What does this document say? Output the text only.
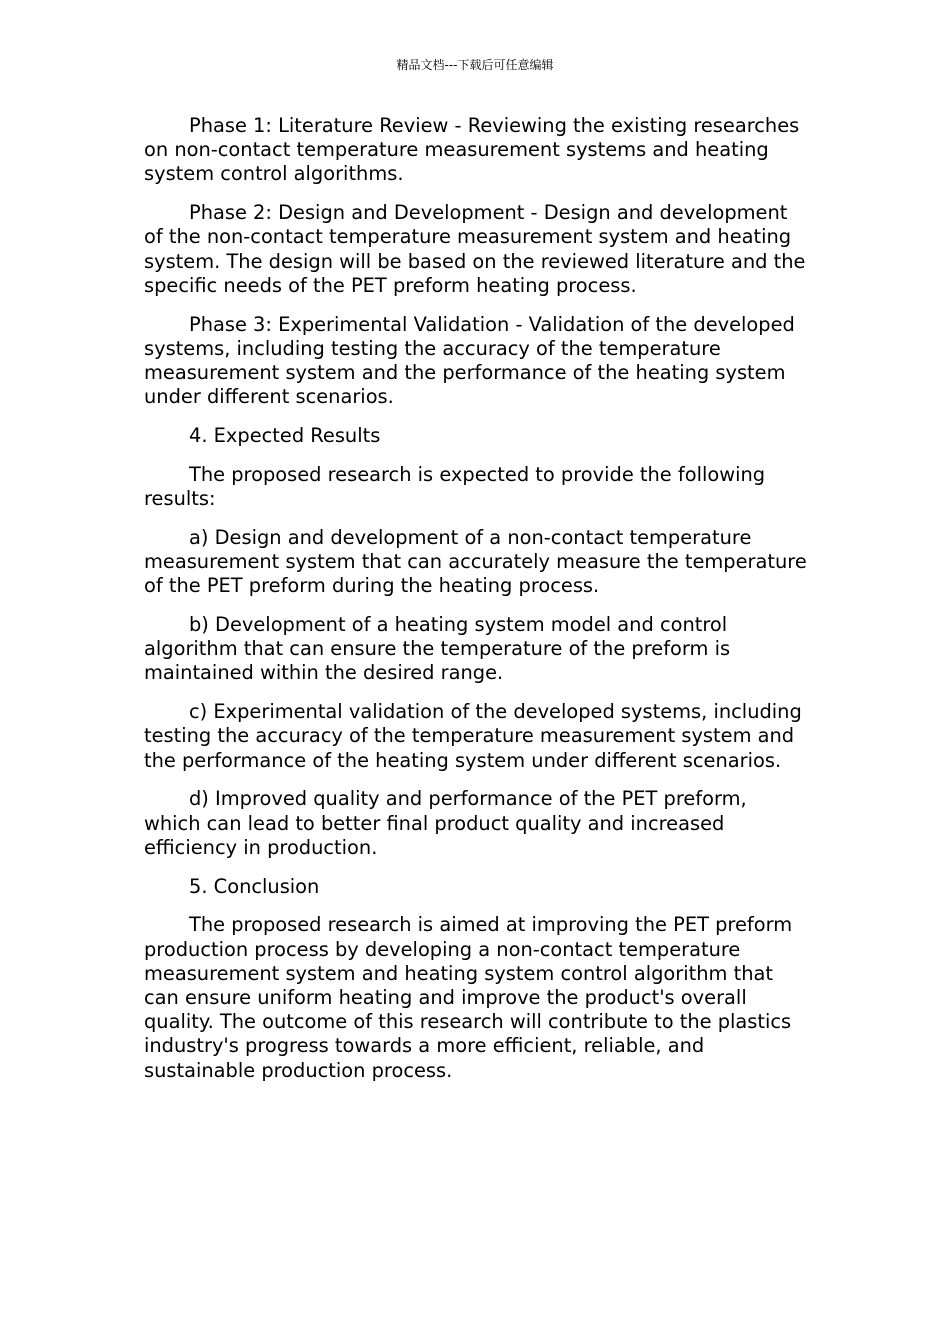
精品文档---下载后可任意编辑

Phase 1: Literature Review - Reviewing the existing researches on non-contact temperature measurement systems and heating system control algorithms.

Phase 2: Design and Development - Design and development of the non-contact temperature measurement system and heating system. The design will be based on the reviewed literature and the specific needs of the PET preform heating process.

Phase 3: Experimental Validation - Validation of the developed systems, including testing the accuracy of the temperature measurement system and the performance of the heating system under different scenarios.

4. Expected Results

The proposed research is expected to provide the following results:

a) Design and development of a non-contact temperature measurement system that can accurately measure the temperature of the PET preform during the heating process.

b) Development of a heating system model and control algorithm that can ensure the temperature of the preform is maintained within the desired range.

c) Experimental validation of the developed systems, including testing the accuracy of the temperature measurement system and the performance of the heating system under different scenarios.

d) Improved quality and performance of the PET preform, which can lead to better final product quality and increased efficiency in production.

5. Conclusion

The proposed research is aimed at improving the PET preform production process by developing a non-contact temperature measurement system and heating system control algorithm that can ensure uniform heating and improve the product's overall quality. The outcome of this research will contribute to the plastics industry's progress towards a more efficient, reliable, and sustainable production process.
